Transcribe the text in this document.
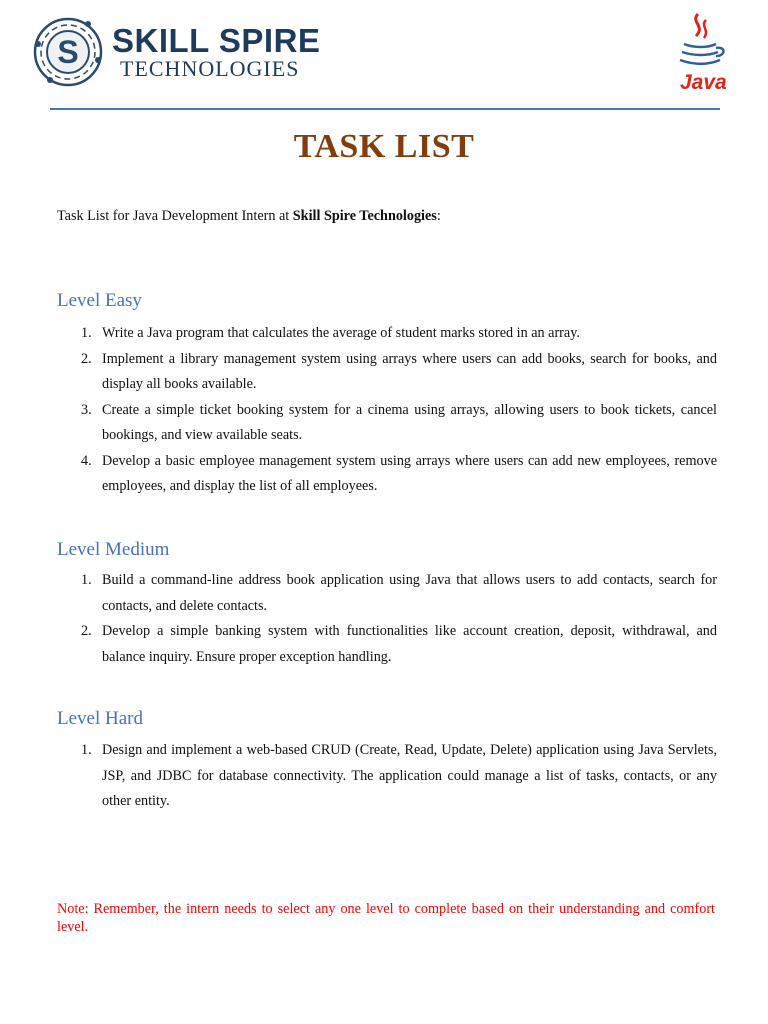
S SKILL SPIRE
TECHNOLOGIES
Java
TASK LIST
Task List for Java Development Intern at Skill Spire Technologies:
Level Easy
1. Write a Java program that calculates the average of student marks stored in an array.
2. Implement a library management system using arrays where users can add books, search for books, and display all books available.
3. Create a simple ticket booking system for a cinema using arrays, allowing users to book tickets, cancel bookings, and view available seats.
4. Develop a basic employee management system using arrays where users can add new employees, remove employees, and display the list of all employees.
Level Medium
1. Build a command-line address book application using Java that allows users to add contacts, search for contacts, and delete contacts.
2. Develop a simple banking system with functionalities like account creation, deposit, withdrawal, and balance inquiry. Ensure proper exception handling.
Level Hard
1. Design and implement a web-based CRUD (Create, Read, Update, Delete) application using Java Servlets, JSP, and JDBC for database connectivity. The application could manage a list of tasks, contacts, or any other entity.
Note: Remember, the intern needs to select any one level to complete based on their understanding and comfort level.
